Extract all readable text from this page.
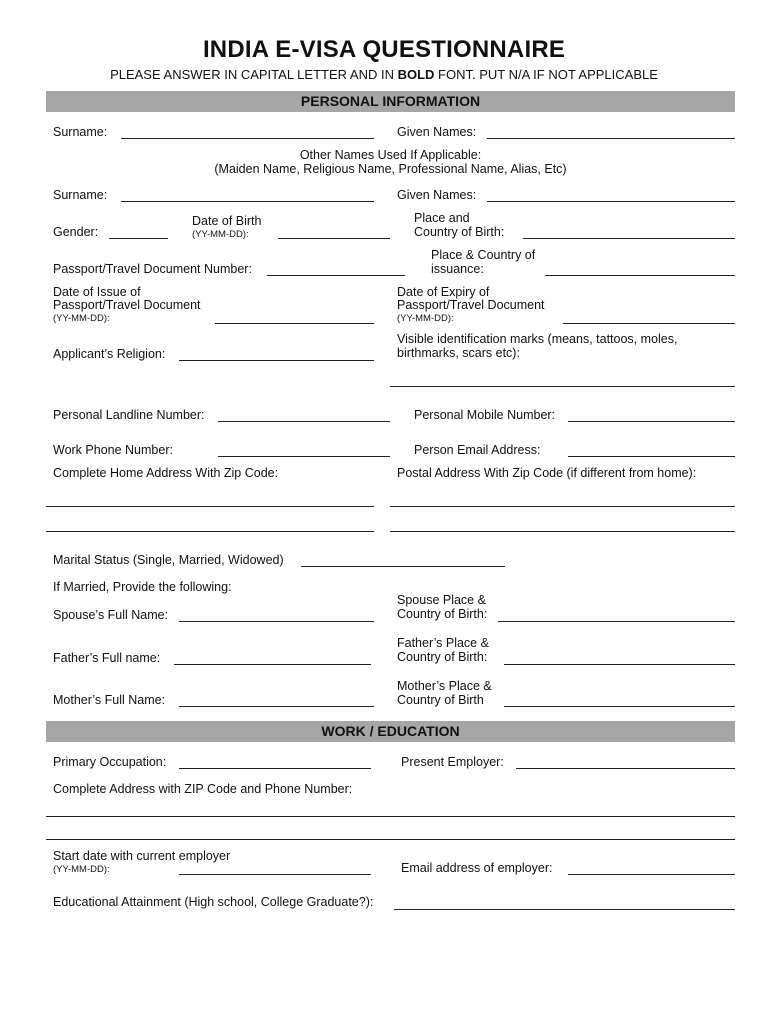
INDIA E-VISA QUESTIONNAIRE
PLEASE ANSWER IN CAPITAL LETTER AND IN BOLD FONT. PUT N/A IF NOT APPLICABLE
PERSONAL INFORMATION
Surname:	Given Names:
Other Names Used If Applicable:
(Maiden Name, Religious Name, Professional Name, Alias, Etc)
Surname:	Given Names:
Gender:
Date of Birth
(YY-MM-DD):
Place and
Country of Birth:
Passport/Travel Document Number:
Place & Country of
issuance:
Date of Issue of
Passport/Travel Document
(YY-MM-DD):
Date of Expiry of
Passport/Travel Document
(YY-MM-DD):
Applicant’s Religion:
Visible identification marks (means, tattoos, moles,
birthmarks, scars etc):
Personal Landline Number:	Personal Mobile Number:
Work Phone Number:	Person Email Address:
Complete Home Address With Zip Code:	Postal Address With Zip Code (if different from home):
Marital Status (Single, Married, Widowed)
If Married, Provide the following:
Spouse’s Full Name:
Spouse Place &
Country of Birth:
Father’s Full name:
Father’s Place &
Country of Birth:
Mother’s Full Name:
Mother’s Place &
Country of Birth
WORK / EDUCATION
Primary Occupation:	Present Employer:
Complete Address with ZIP Code and Phone Number:
Start date with current employer
(YY-MM-DD):	Email address of employer:
Educational Attainment (High school, College Graduate?):
